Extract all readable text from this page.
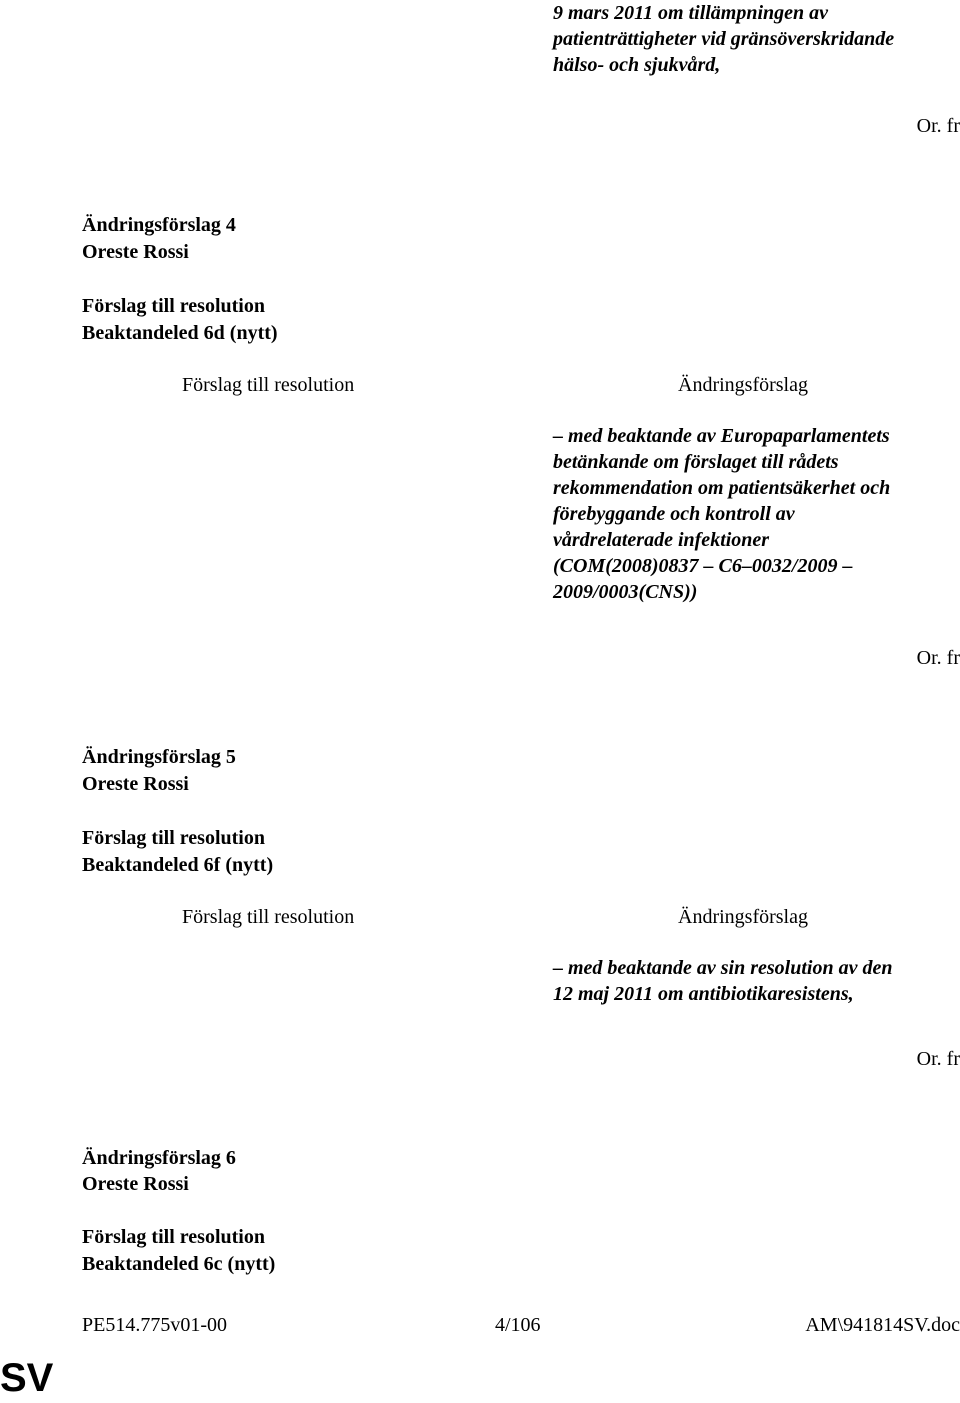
9 mars 2011 om tillämpningen av
patienträttigheter vid gränsöverskridande
hälso- och sjukvård,
Or. fr
Ändringsförslag 4
Oreste Rossi
Förslag till resolution
Beaktandeled 6d (nytt)
Förslag till resolution	Ändringsförslag
– med beaktande av Europaparlamentets
betänkande om förslaget till rådets
rekommendation om patientsäkerhet och
förebyggande och kontroll av
vårdrelaterade infektioner
(COM(2008)0837 – C6–0032/2009 –
2009/0003(CNS))
Or. fr
Ändringsförslag 5
Oreste Rossi
Förslag till resolution
Beaktandeled 6f (nytt)
Förslag till resolution	Ändringsförslag
– med beaktande av sin resolution av den
12 maj 2011 om antibiotikaresistens,
Or. fr
Ändringsförslag 6
Oreste Rossi
Förslag till resolution
Beaktandeled 6c (nytt)
PE514.775v01-00	4/106	AM\941814SV.doc
SV
